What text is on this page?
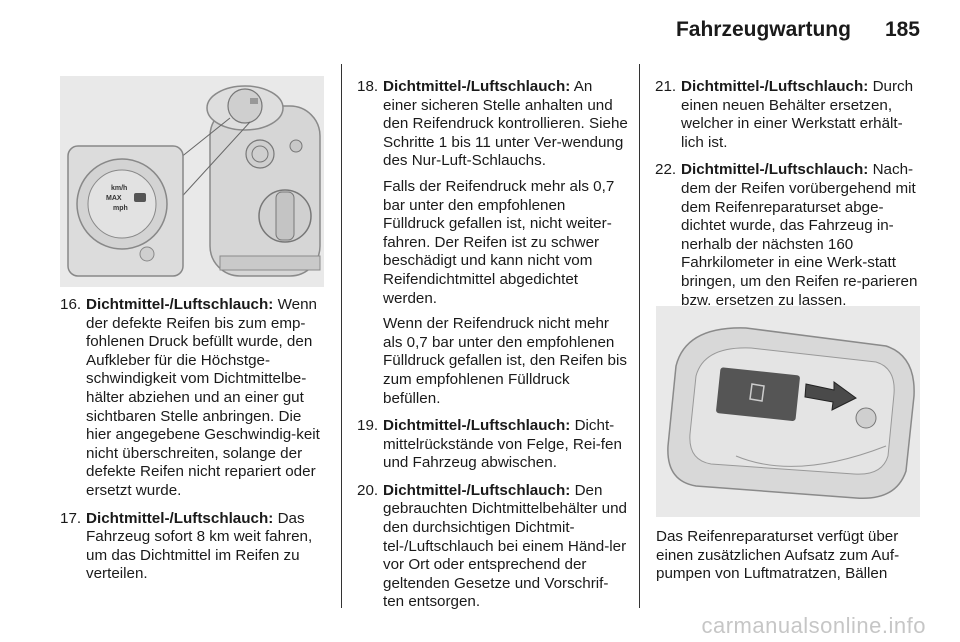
Fahrzeugwartung 185
km/h
MAX
mph
16. Dichtmittel-/Luftschlauch: Wenn der defekte Reifen bis zum emp-fohlenen Druck befüllt wurde, den Aufkleber für die Höchstge-schwindigkeit vom Dichtmittelbe-hälter abziehen und an einer gut sichtbaren Stelle anbringen. Die hier angegebene Geschwindig-keit nicht überschreiten, solange der defekte Reifen nicht repariert oder ersetzt wurde.
17. Dichtmittel-/Luftschlauch: Das Fahrzeug sofort 8 km weit fahren, um das Dichtmittel im Reifen zu verteilen.
18. Dichtmittel-/Luftschlauch: An einer sicheren Stelle anhalten und den Reifendruck kontrollieren. Siehe Schritte 1 bis 11 unter Ver-wendung des Nur-Luft-Schlauchs.
Falls der Reifendruck mehr als 0,7 bar unter den empfohlenen Fülldruck gefallen ist, nicht weiter-fahren. Der Reifen ist zu schwer beschädigt und kann nicht vom Reifendichtmittel abgedichtet werden.
Wenn der Reifendruck nicht mehr als 0,7 bar unter den empfohlenen Fülldruck gefallen ist, den Reifen bis zum empfohlenen Fülldruck befüllen.
19. Dichtmittel-/Luftschlauch: Dicht-mittelrückstände von Felge, Rei-fen und Fahrzeug abwischen.
20. Dichtmittel-/Luftschlauch: Den gebrauchten Dichtmittelbehälter und den durchsichtigen Dichtmit-tel-/Luftschlauch bei einem Händ-ler vor Ort oder entsprechend der geltenden Gesetze und Vorschrif-ten entsorgen.
21. Dichtmittel-/Luftschlauch: Durch einen neuen Behälter ersetzen, welcher in einer Werkstatt erhält-lich ist.
22. Dichtmittel-/Luftschlauch: Nach-dem der Reifen vorübergehend mit dem Reifenreparaturset abge-dichtet wurde, das Fahrzeug in-nerhalb der nächsten 160 Fahrkilometer in eine Werk-statt bringen, um den Reifen re-parieren bzw. ersetzen zu lassen.
Das Reifenreparaturset verfügt über einen zusätzlichen Aufsatz zum Auf-pumpen von Luftmatratzen, Bällen
carmanualsonline.info
